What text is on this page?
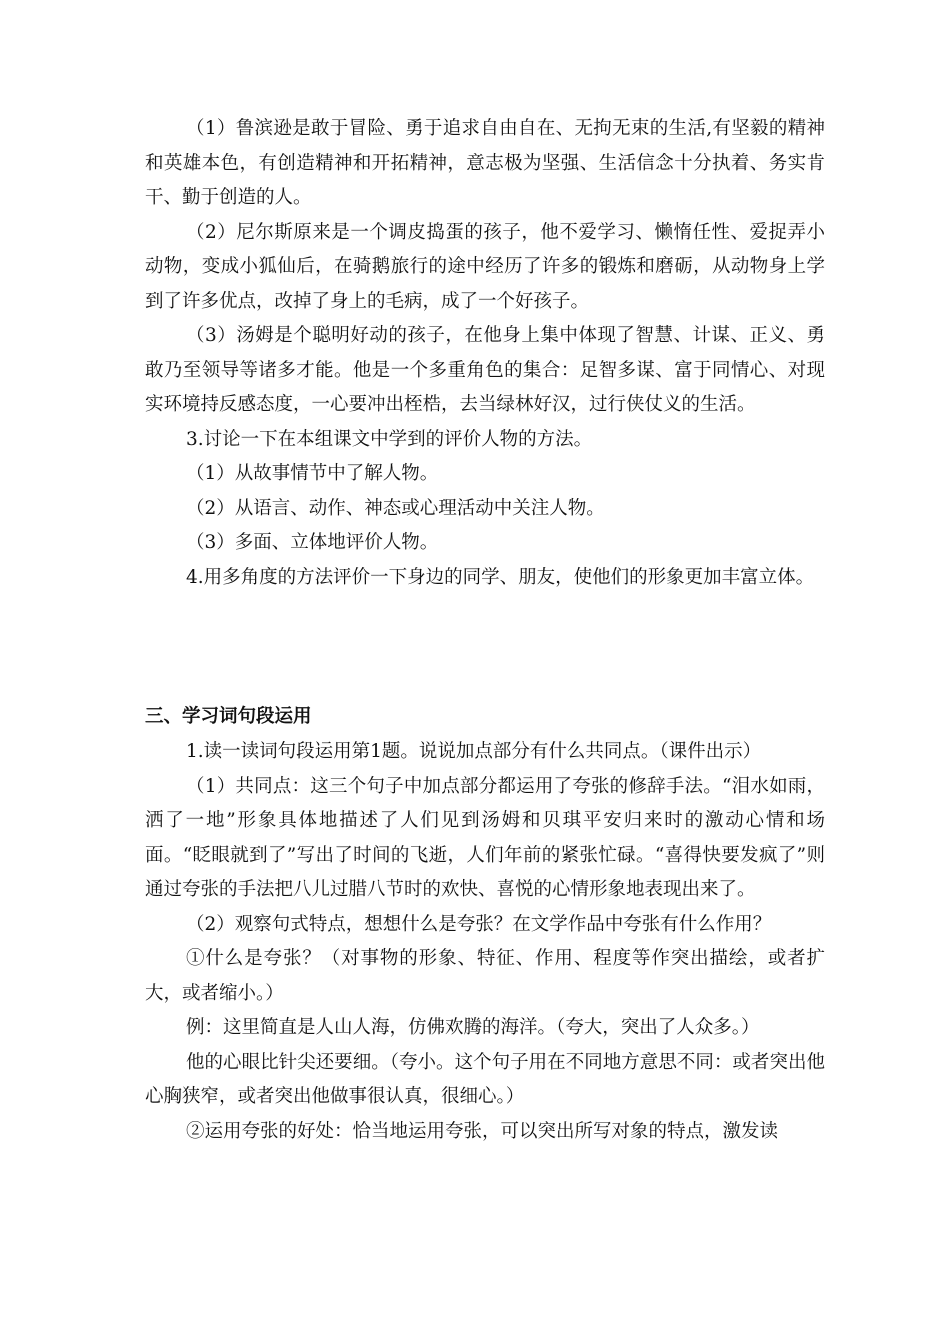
（1）鲁滨逊是敢于冒险、勇于追求自由自在、无拘无束的生活,有坚毅的精神和英雄本色，有创造精神和开拓精神，意志极为坚强、生活信念十分执着、务实肯干、勤于创造的人。

（2）尼尔斯原来是一个调皮捣蛋的孩子，他不爱学习、懒惰任性、爱捉弄小动物，变成小狐仙后，在骑鹅旅行的途中经历了许多的锻炼和磨砺，从动物身上学到了许多优点，改掉了身上的毛病，成了一个好孩子。

（3）汤姆是个聪明好动的孩子，在他身上集中体现了智慧、计谋、正义、勇敢乃至领导等诸多才能。他是一个多重角色的集合：足智多谋、富于同情心、对现实环境持反感态度，一心要冲出桎梏，去当绿林好汉，过行侠仗义的生活。

3.讨论一下在本组课文中学到的评价人物的方法。

（1）从故事情节中了解人物。

（2）从语言、动作、神态或心理活动中关注人物。

（3）多面、立体地评价人物。

4.用多角度的方法评价一下身边的同学、朋友，使他们的形象更加丰富立体。

三、学习词句段运用

1.读一读词句段运用第1题。说说加点部分有什么共同点。（课件出示）

（1）共同点：这三个句子中加点部分都运用了夸张的修辞手法。“泪水如雨，洒了一地”形象具体地描述了人们见到汤姆和贝琪平安归来时的激动心情和场面。“眨眼就到了”写出了时间的飞逝，人们年前的紧张忙碌。“喜得快要发疯了”则通过夸张的手法把八儿过腊八节时的欢快、喜悦的心情形象地表现出来了。

（2）观察句式特点，想想什么是夸张？在文学作品中夸张有什么作用？

①什么是夸张？（对事物的形象、特征、作用、程度等作突出描绘，或者扩大，或者缩小。）

例：这里简直是人山人海，仿佛欢腾的海洋。（夸大，突出了人众多。）

他的心眼比针尖还要细。（夸小。这个句子用在不同地方意思不同：或者突出他心胸狭窄，或者突出他做事很认真，很细心。）

②运用夸张的好处：恰当地运用夸张，可以突出所写对象的特点，激发读
